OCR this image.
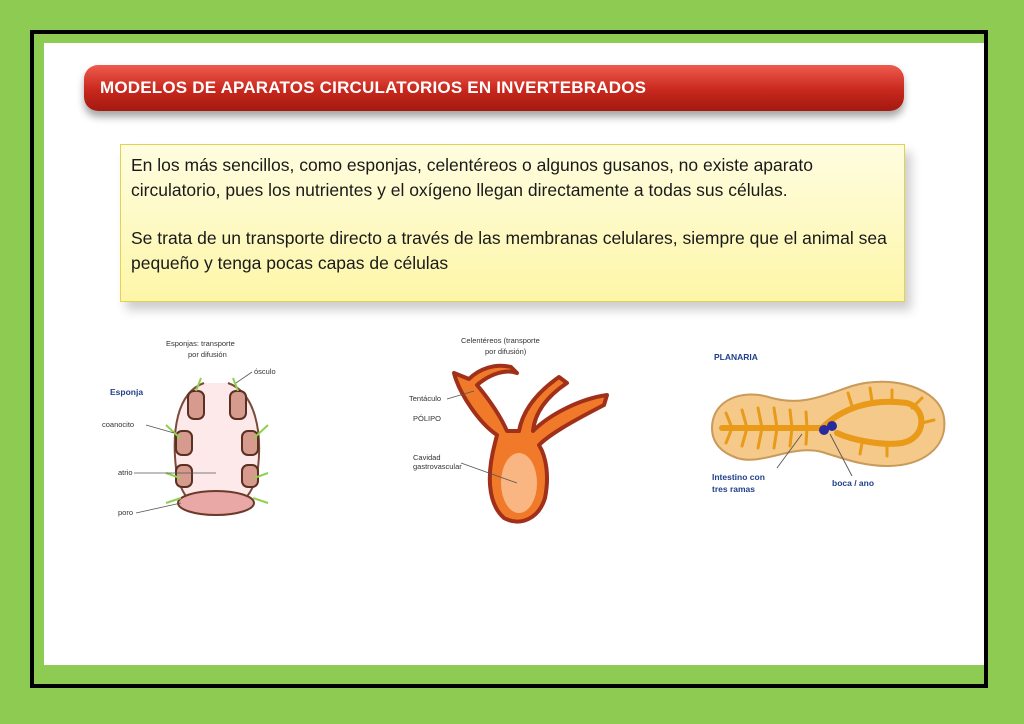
MODELOS DE APARATOS CIRCULATORIOS EN INVERTEBRADOS

En los más sencillos, como esponjas, celentéreos o algunos gusanos, no existe aparato circulatorio, pues los nutrientes y el oxígeno llegan directamente a todas sus células.

Se trata de un transporte directo a través de las membranas celulares, siempre que el animal sea pequeño y tenga pocas capas de células

Esponjas: transporte
por difusión
Esponja
ósculo
coanocito
atrio
poro
Celentéreos (transporte
por difusión)
Tentáculo
PÓLIPO
Cavidad
gastrovascular
PLANARIA
Intestino con
tres ramas
boca / ano
